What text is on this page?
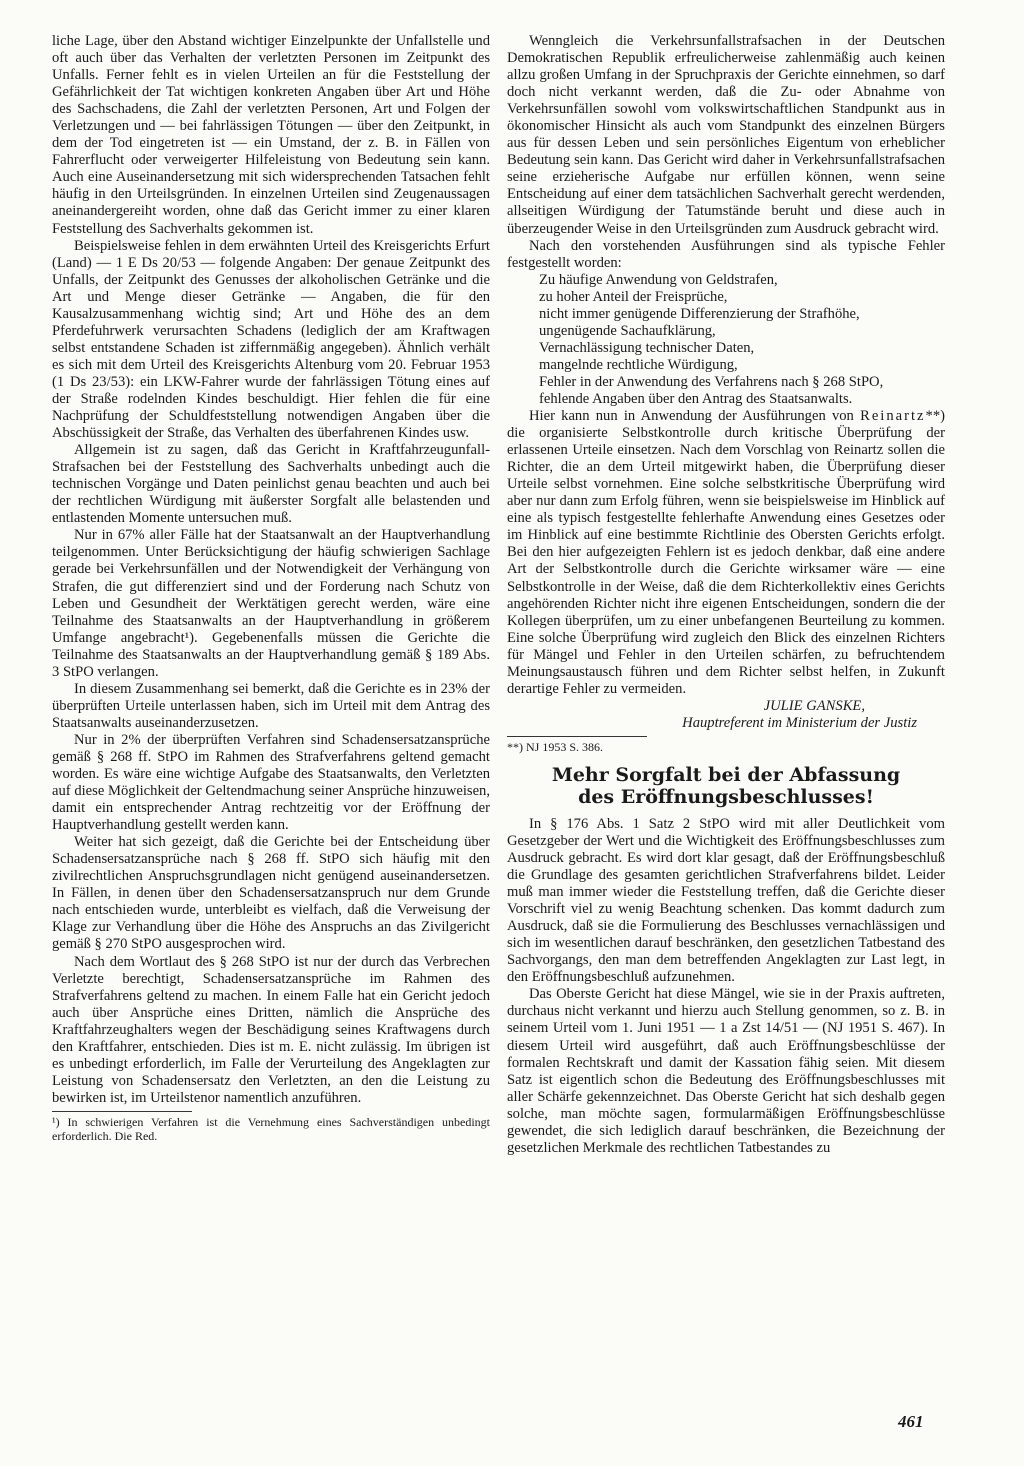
liche Lage, über den Abstand wichtiger Einzelpunkte der Unfallstelle und oft auch über das Verhalten der verletzten Personen im Zeitpunkt des Unfalls. Ferner fehlt es in vielen Urteilen an für die Feststellung der Gefährlichkeit der Tat wichtigen konkreten Angaben über Art und Höhe des Sachschadens, die Zahl der verletzten Personen, Art und Folgen der Verletzungen und — bei fahrlässigen Tötungen — über den Zeitpunkt, in dem der Tod eingetreten ist — ein Umstand, der z. B. in Fällen von Fahrerflucht oder verweigerter Hilfeleistung von Bedeutung sein kann. Auch eine Auseinandersetzung mit sich widersprechenden Tatsachen fehlt häufig in den Urteilsgründen. In einzelnen Urteilen sind Zeugenaussagen aneinandergereiht worden, ohne daß das Gericht immer zu einer klaren Feststellung des Sachverhalts gekommen ist.

Beispielsweise fehlen in dem erwähnten Urteil des Kreisgerichts Erfurt (Land) — 1 E Ds 20/53 — folgende Angaben: Der genaue Zeitpunkt des Unfalls, der Zeitpunkt des Genusses der alkoholischen Getränke und die Art und Menge dieser Getränke — Angaben, die für den Kausalzusammenhang wichtig sind; Art und Höhe des an dem Pferdefuhrwerk verursachten Schadens (lediglich der am Kraftwagen selbst entstandene Schaden ist ziffernmäßig angegeben). Ähnlich verhält es sich mit dem Urteil des Kreisgerichts Altenburg vom 20. Februar 1953 (1 Ds 23/53): ein LKW-Fahrer wurde der fahrlässigen Tötung eines auf der Straße rodelnden Kindes beschuldigt. Hier fehlen die für eine Nachprüfung der Schuldfeststellung notwendigen Angaben über die Abschüssigkeit der Straße, das Verhalten des überfahrenen Kindes usw.

Allgemein ist zu sagen, daß das Gericht in Kraftfahrzeugunfall-Strafsachen bei der Feststellung des Sachverhalts unbedingt auch die technischen Vorgänge und Daten peinlichst genau beachten und auch bei der rechtlichen Würdigung mit äußerster Sorgfalt alle belastenden und entlastenden Momente untersuchen muß.

Nur in 67% aller Fälle hat der Staatsanwalt an der Hauptverhandlung teilgenommen. Unter Berücksichtigung der häufig schwierigen Sachlage gerade bei Verkehrsunfällen und der Notwendigkeit der Verhängung von Strafen, die gut differenziert sind und der Forderung nach Schutz von Leben und Gesundheit der Werktätigen gerecht werden, wäre eine Teilnahme des Staatsanwalts an der Hauptverhandlung in größerem Umfange angebracht¹). Gegebenenfalls müssen die Gerichte die Teilnahme des Staatsanwalts an der Hauptverhandlung gemäß § 189 Abs. 3 StPO verlangen.

In diesem Zusammenhang sei bemerkt, daß die Gerichte es in 23% der überprüften Urteile unterlassen haben, sich im Urteil mit dem Antrag des Staatsanwalts auseinanderzusetzen.

Nur in 2% der überprüften Verfahren sind Schadensersatzansprüche gemäß § 268 ff. StPO im Rahmen des Strafverfahrens geltend gemacht worden. Es wäre eine wichtige Aufgabe des Staatsanwalts, den Verletzten auf diese Möglichkeit der Geltendmachung seiner Ansprüche hinzuweisen, damit ein entsprechender Antrag rechtzeitig vor der Eröffnung der Hauptverhandlung gestellt werden kann.

Weiter hat sich gezeigt, daß die Gerichte bei der Entscheidung über Schadensersatzansprüche nach § 268 ff. StPO sich häufig mit den zivilrechtlichen Anspruchsgrundlagen nicht genügend auseinandersetzen. In Fällen, in denen über den Schadensersatzanspruch nur dem Grunde nach entschieden wurde, unterbleibt es vielfach, daß die Verweisung der Klage zur Verhandlung über die Höhe des Anspruchs an das Zivilgericht gemäß § 270 StPO ausgesprochen wird.

Nach dem Wortlaut des § 268 StPO ist nur der durch das Verbrechen Verletzte berechtigt, Schadensersatzansprüche im Rahmen des Strafverfahrens geltend zu machen. In einem Falle hat ein Gericht jedoch auch über Ansprüche eines Dritten, nämlich die Ansprüche des Kraftfahrzeughalters wegen der Beschädigung seines Kraftwagens durch den Kraftfahrer, entschieden. Dies ist m. E. nicht zulässig. Im übrigen ist es unbedingt erforderlich, im Falle der Verurteilung des Angeklagten zur Leistung von Schadensersatz den Verletzten, an den die Leistung zu bewirken ist, im Urteilstenor namentlich anzuführen.

¹) In schwierigen Verfahren ist die Vernehmung eines Sachverständigen unbedingt erforderlich. Die Red.

Wenngleich die Verkehrsunfallstrafsachen in der Deutschen Demokratischen Republik erfreulicherweise zahlenmäßig auch keinen allzu großen Umfang in der Spruchpraxis der Gerichte einnehmen, so darf doch nicht verkannt werden, daß die Zu- oder Abnahme von Verkehrsunfällen sowohl vom volkswirtschaftlichen Standpunkt aus in ökonomischer Hinsicht als auch vom Standpunkt des einzelnen Bürgers aus für dessen Leben und sein persönliches Eigentum von erheblicher Bedeutung sein kann. Das Gericht wird daher in Verkehrsunfallstrafsachen seine erzieherische Aufgabe nur erfüllen können, wenn seine Entscheidung auf einer dem tatsächlichen Sachverhalt gerecht werdenden, allseitigen Würdigung der Tatumstände beruht und diese auch in überzeugender Weise in den Urteilsgründen zum Ausdruck gebracht wird.

Nach den vorstehenden Ausführungen sind als typische Fehler festgestellt worden:

Zu häufige Anwendung von Geldstrafen,
zu hoher Anteil der Freisprüche,
nicht immer genügende Differenzierung der Strafhöhe,
ungenügende Sachaufklärung,
Vernachlässigung technischer Daten,
mangelnde rechtliche Würdigung,
Fehler in der Anwendung des Verfahrens nach § 268 StPO,
fehlende Angaben über den Antrag des Staatsanwalts.

Hier kann nun in Anwendung der Ausführungen von Reinartz**) die organisierte Selbstkontrolle durch kritische Überprüfung der erlassenen Urteile einsetzen. Nach dem Vorschlag von Reinartz sollen die Richter, die an dem Urteil mitgewirkt haben, die Überprüfung dieser Urteile selbst vornehmen. Eine solche selbstkritische Überprüfung wird aber nur dann zum Erfolg führen, wenn sie beispielsweise im Hinblick auf eine als typisch festgestellte fehlerhafte Anwendung eines Gesetzes oder im Hinblick auf eine bestimmte Richtlinie des Obersten Gerichts erfolgt. Bei den hier aufgezeigten Fehlern ist es jedoch denkbar, daß eine andere Art der Selbstkontrolle durch die Gerichte wirksamer wäre — eine Selbstkontrolle in der Weise, daß die dem Richterkollektiv eines Gerichts angehörenden Richter nicht ihre eigenen Entscheidungen, sondern die der Kollegen überprüfen, um zu einer unbefangenen Beurteilung zu kommen. Eine solche Überprüfung wird zugleich den Blick des einzelnen Richters für Mängel und Fehler in den Urteilen schärfen, zu befruchtendem Meinungsaustausch führen und dem Richter selbst helfen, in Zukunft derartige Fehler zu vermeiden.

JULIE GANSKE,

Hauptreferent im Ministerium der Justiz

**) NJ 1953 S. 386.

Mehr Sorgfalt bei der Abfassung
des Eröffnungsbeschlusses!

In § 176 Abs. 1 Satz 2 StPO wird mit aller Deutlichkeit vom Gesetzgeber der Wert und die Wichtigkeit des Eröffnungsbeschlusses zum Ausdruck gebracht. Es wird dort klar gesagt, daß der Eröffnungsbeschluß die Grundlage des gesamten gerichtlichen Strafverfahrens bildet. Leider muß man immer wieder die Feststellung treffen, daß die Gerichte dieser Vorschrift viel zu wenig Beachtung schenken. Das kommt dadurch zum Ausdruck, daß sie die Formulierung des Beschlusses vernachlässigen und sich im wesentlichen darauf beschränken, den gesetzlichen Tatbestand des Sachvorgangs, den man dem betreffenden Angeklagten zur Last legt, in den Eröffnungsbeschluß aufzunehmen.

Das Oberste Gericht hat diese Mängel, wie sie in der Praxis auftreten, durchaus nicht verkannt und hierzu auch Stellung genommen, so z. B. in seinem Urteil vom 1. Juni 1951 — 1 a Zst 14/51 — (NJ 1951 S. 467). In diesem Urteil wird ausgeführt, daß auch Eröffnungsbeschlüsse der formalen Rechtskraft und damit der Kassation fähig seien. Mit diesem Satz ist eigentlich schon die Bedeutung des Eröffnungsbeschlusses mit aller Schärfe gekennzeichnet. Das Oberste Gericht hat sich deshalb gegen solche, man möchte sagen, formularmäßigen Eröffnungsbeschlüsse gewendet, die sich lediglich darauf beschränken, die Bezeichnung der gesetzlichen Merkmale des rechtlichen Tatbestandes zu

461
